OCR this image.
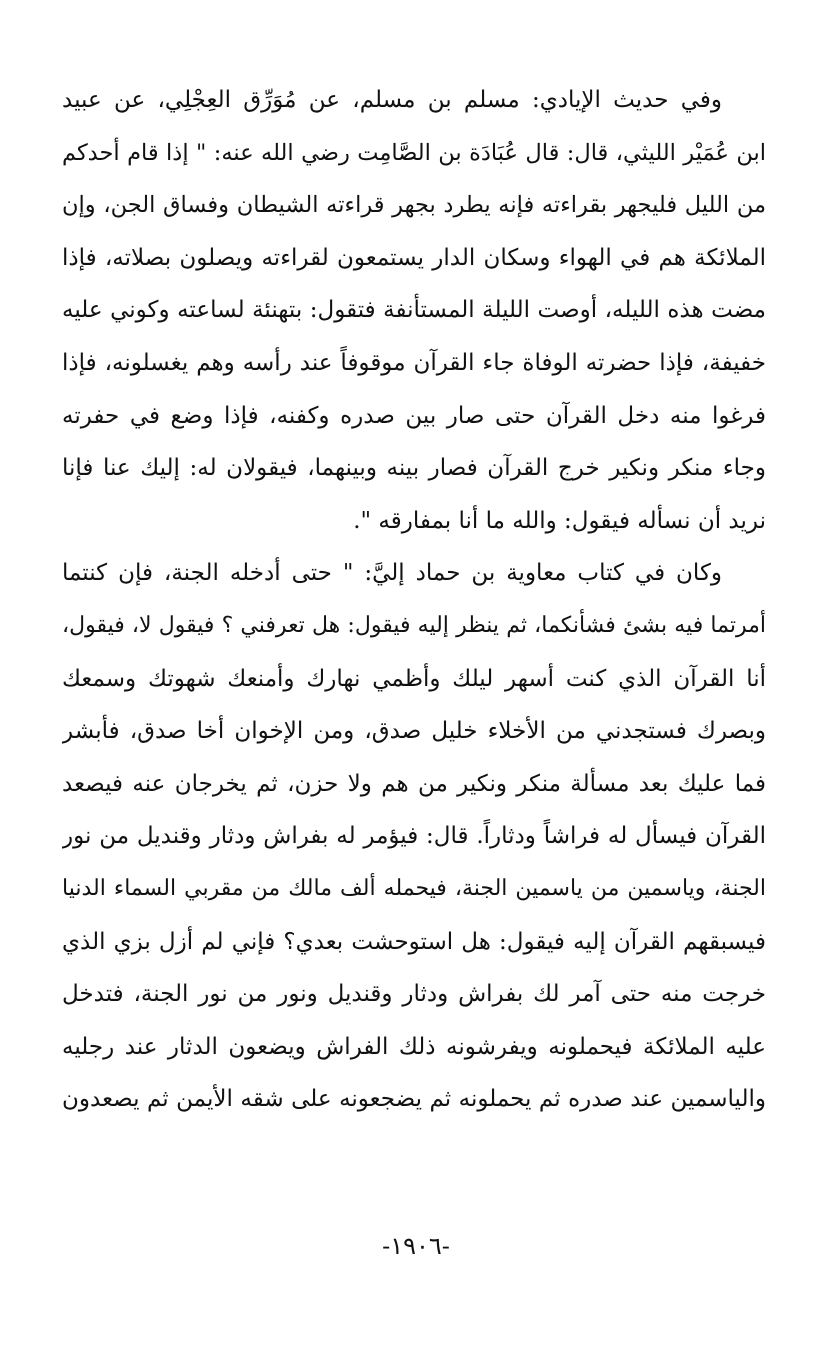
وفي حديث الإيادي: مسلم بن مسلم، عن مُوَرِّق العِجْلِي، عن عبيد
ابن عُمَيْر الليثي، قال: قال عُبَادَة بن الصَّامِت رضي الله عنه: " إذا قام أحدكم
من الليل فليجهر بقراءته فإنه يطرد بجهر قراءته الشيطان وفساق الجن، وإن
الملائكة هم في الهواء وسكان الدار يستمعون لقراءته ويصلون بصلاته، فإذا
مضت هذه الليله، أوصت الليلة المستأنفة فتقول: بتهنئة لساعته وكوني عليه
خفيفة، فإذا حضرته الوفاة جاء القرآن موقوفاً عند رأسه وهم يغسلونه، فإذا
فرغوا منه دخل القرآن حتى صار بين صدره وكفنه، فإذا وضع في حفرته
وجاء منكر ونكير خرج القرآن فصار بينه وبينهما، فيقولان له: إليك عنا فإنا
نريد أن نسأله فيقول: والله ما أنا بمفارقه ".
وكان في كتاب معاوية بن حماد إليَّ: " حتى أدخله الجنة، فإن كنتما
أمرتما فيه بشئ فشأنكما، ثم ينظر إليه فيقول: هل تعرفني ؟ فيقول لا، فيقول،
أنا القرآن الذي كنت أسهر ليلك وأظمي نهارك وأمنعك شهوتك وسمعك
وبصرك فستجدني من الأخلاء خليل صدق، ومن الإخوان أخا صدق، فأبشر
فما عليك بعد مسألة منكر ونكير من هم ولا حزن، ثم يخرجان عنه فيصعد
القرآن فيسأل له فراشاً ودثاراً. قال: فيؤمر له بفراش ودثار وقنديل من نور
الجنة، وياسمين من ياسمين الجنة، فيحمله ألف مالك من مقربي السماء الدنيا
فيسبقهم القرآن إليه فيقول: هل استوحشت بعدي؟ فإني لم أزل بزي الذي
خرجت منه حتى آمر لك بفراش ودثار وقنديل ونور من نور الجنة، فتدخل
عليه الملائكة فيحملونه ويفرشونه ذلك الفراش ويضعون الدثار عند رجليه
والياسمين عند صدره ثم يحملونه ثم يضجعونه على شقه الأيمن ثم يصعدون
-١٩٠٦-
